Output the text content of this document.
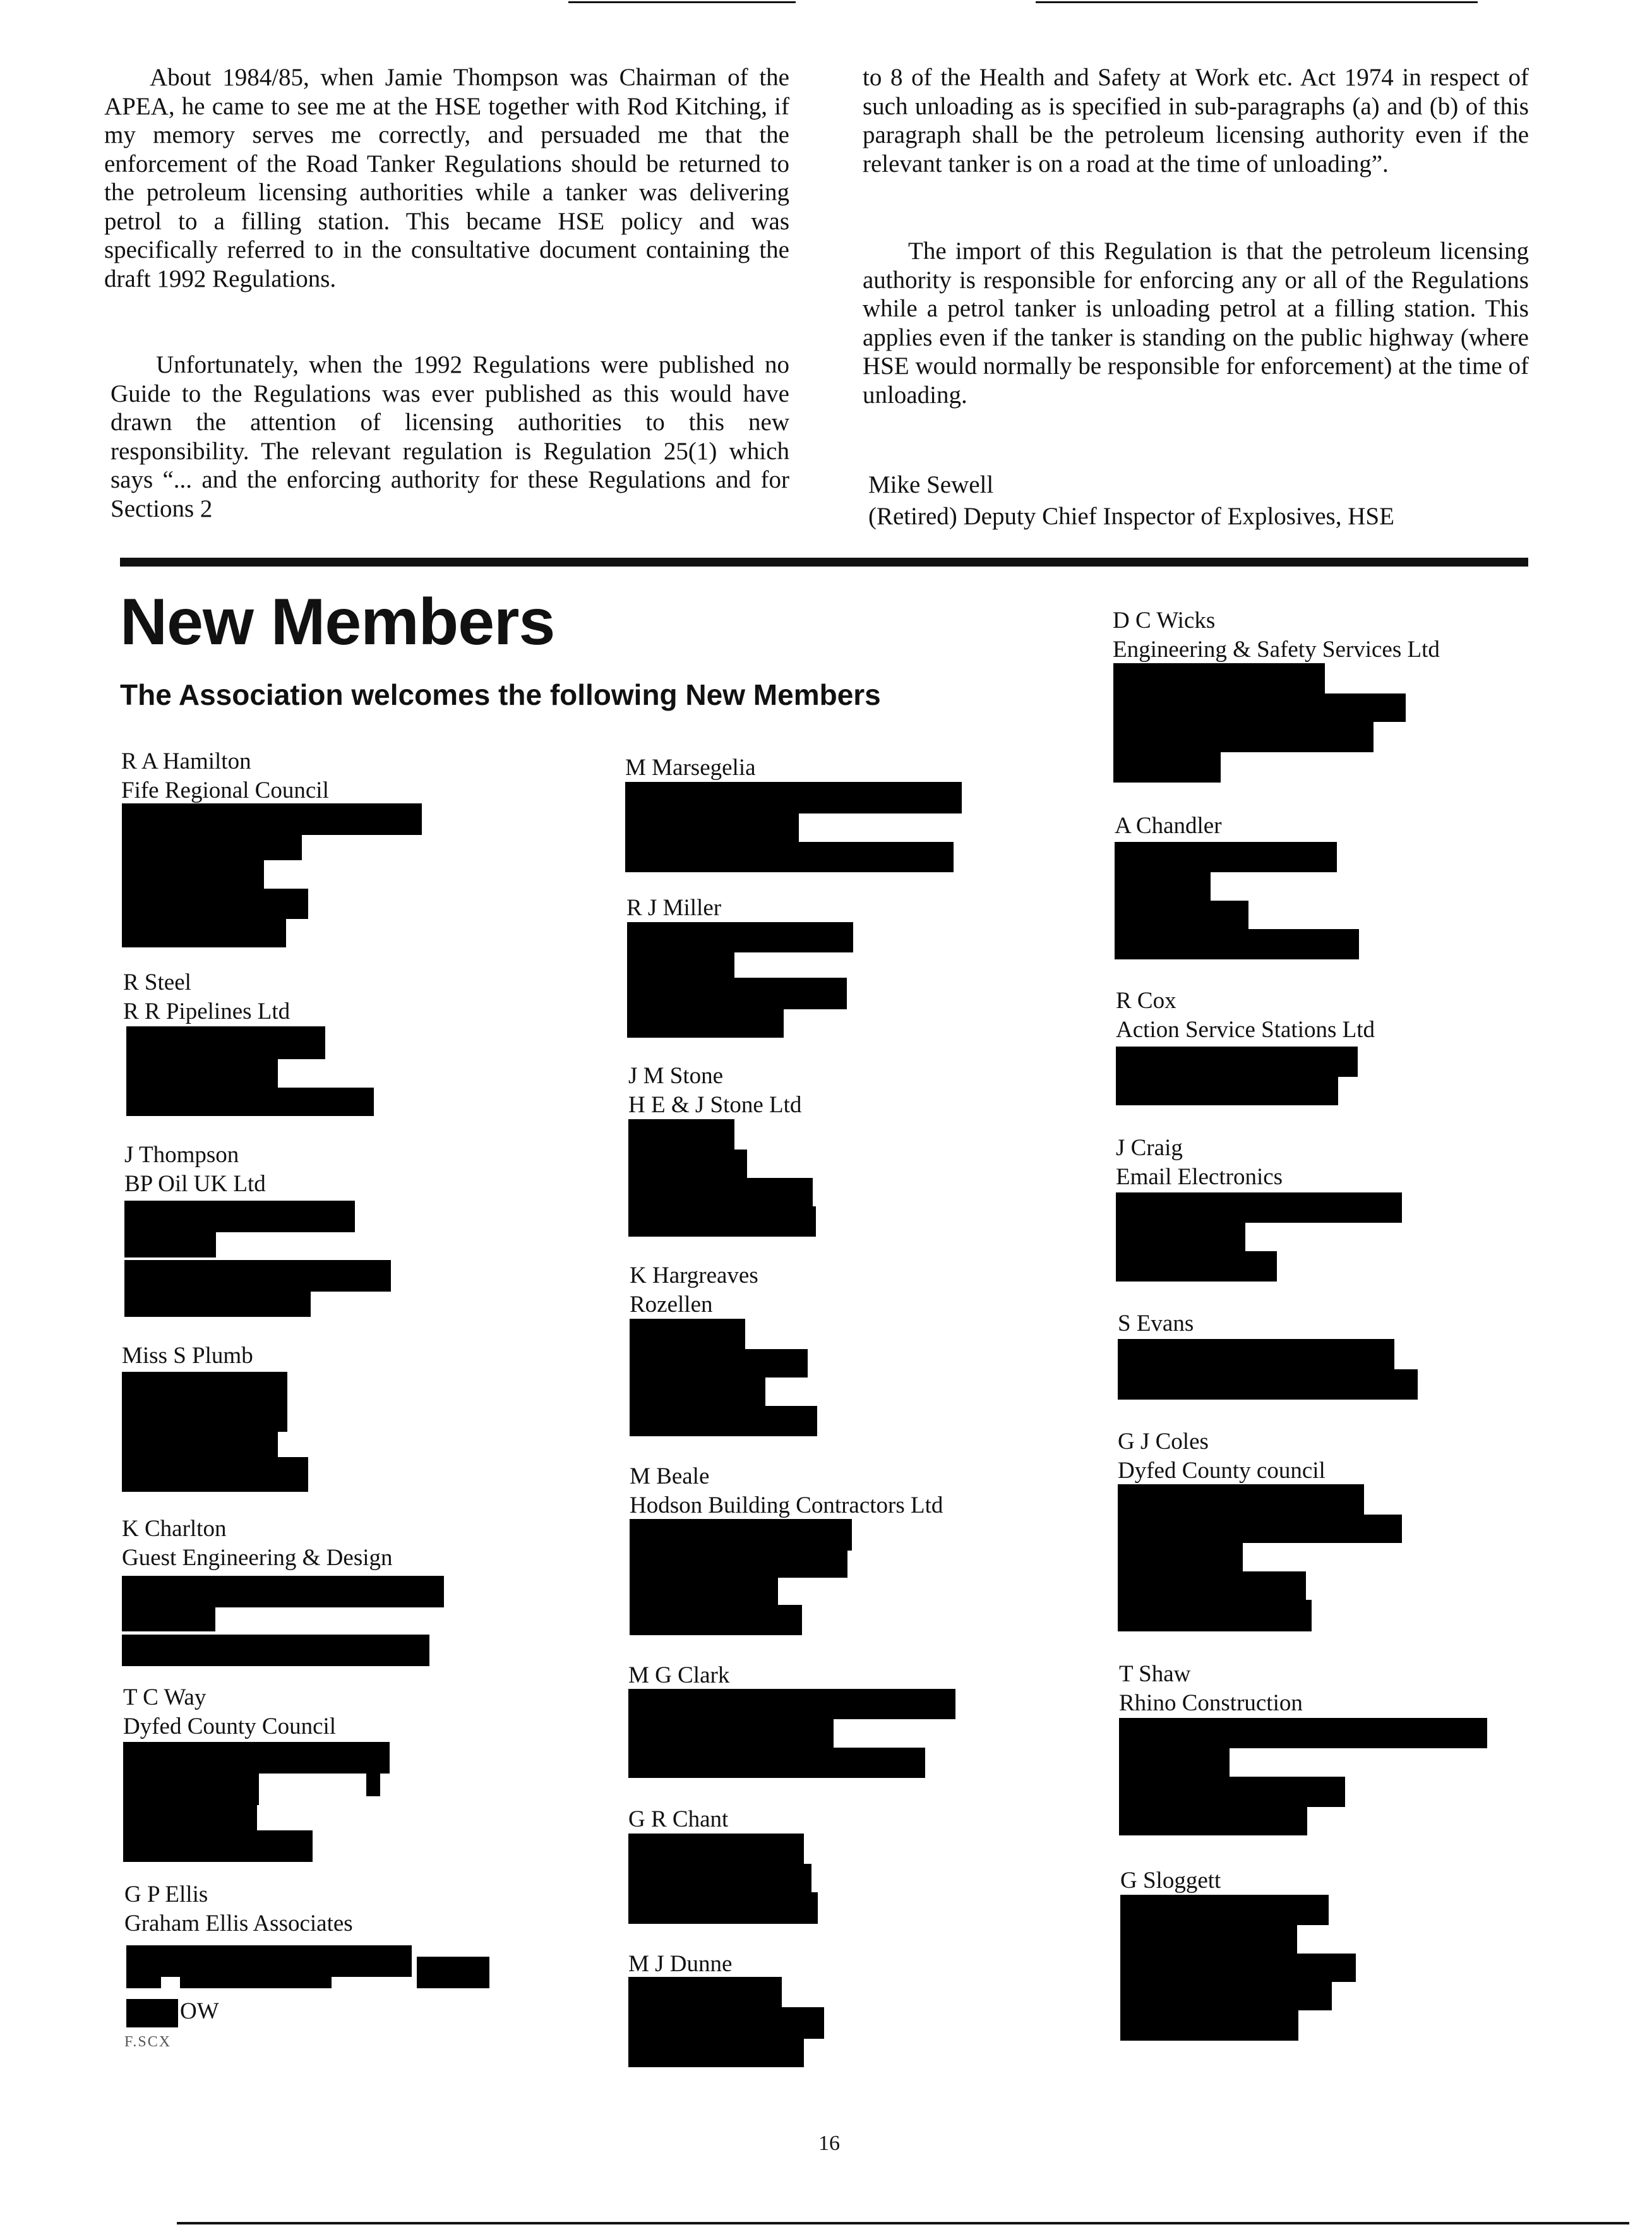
About 1984/85, when Jamie Thompson was Chairman of the APEA, he came to see me at the HSE together with Rod Kitching, if my memory serves me correctly, and persuaded me that the enforcement of the Road Tanker Regulations should be returned to the petroleum licensing authorities while a tanker was delivering petrol to a filling station. This became HSE policy and was specifically referred to in the consultative document containing the draft 1992 Regulations.

Unfortunately, when the 1992 Regulations were published no Guide to the Regulations was ever published as this would have drawn the attention of licensing authorities to this new responsibility. The relevant regulation is Regulation 25(1) which says “... and the enforcing authority for these Regulations and for Sections 2

to 8 of the Health and Safety at Work etc. Act 1974 in respect of such unloading as is specified in sub-paragraphs (a) and (b) of this paragraph shall be the petroleum licensing authority even if the relevant tanker is on a road at the time of unloading”.

The import of this Regulation is that the petroleum licensing authority is responsible for enforcing any or all of the Regulations while a petrol tanker is unloading petrol at a filling station. This applies even if the tanker is standing on the public highway (where HSE would normally be responsible for enforcement) at the time of unloading.

Mike Sewell
(Retired) Deputy Chief Inspector of Explosives, HSE
New Members
The Association welcomes the following New Members
R A Hamilton
Fife Regional Council
R Steel
R R Pipelines Ltd
J Thompson
BP Oil UK Ltd
Miss S Plumb
K Charlton
Guest Engineering & Design
T C Way
Dyfed County Council
G P Ellis
Graham Ellis Associates
OW
F.SCX
M Marsegelia
R J Miller
J M Stone
H E & J Stone Ltd
K Hargreaves
Rozellen
M Beale
Hodson Building Contractors Ltd
M G Clark
G R Chant
M J Dunne
D C Wicks
Engineering & Safety Services Ltd
A Chandler
R Cox
Action Service Stations Ltd
J Craig
Email Electronics
S Evans
G J Coles
Dyfed County council
T Shaw
Rhino Construction
G Sloggett
16
